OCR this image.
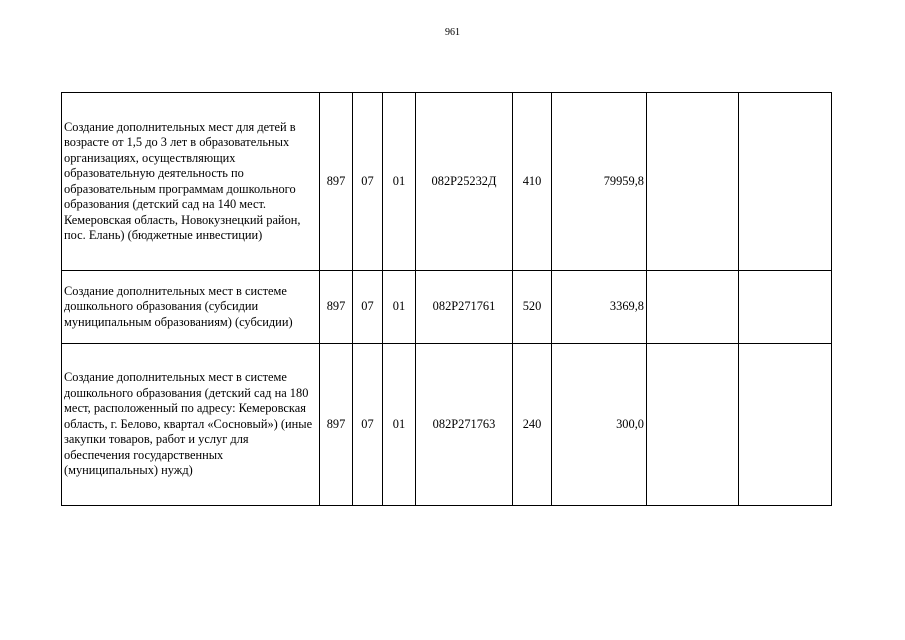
961
Создание дополнительных мест для детей в возрасте от 1,5 до 3 лет в образовательных организациях, осуществляющих образовательную деятельность по образовательным программам дошкольного образования (детский сад на 140 мест. Кемеровская область, Новокузнецкий район, пос. Елань) (бюджетные инвестиции)	897	07	01	082Р25232Д	410	79959,8		
Создание дополнительных мест в системе дошкольного образования (субсидии муниципальным образованиям) (субсидии)	897	07	01	082Р271761	520	3369,8		
Создание дополнительных мест в системе дошкольного образования (детский сад на 180 мест, расположенный по адресу: Кемеровская область, г. Белово, квартал «Сосновый») (иные закупки товаров, работ и услуг для обеспечения государственных (муниципальных) нужд)	897	07	01	082Р271763	240	300,0		
